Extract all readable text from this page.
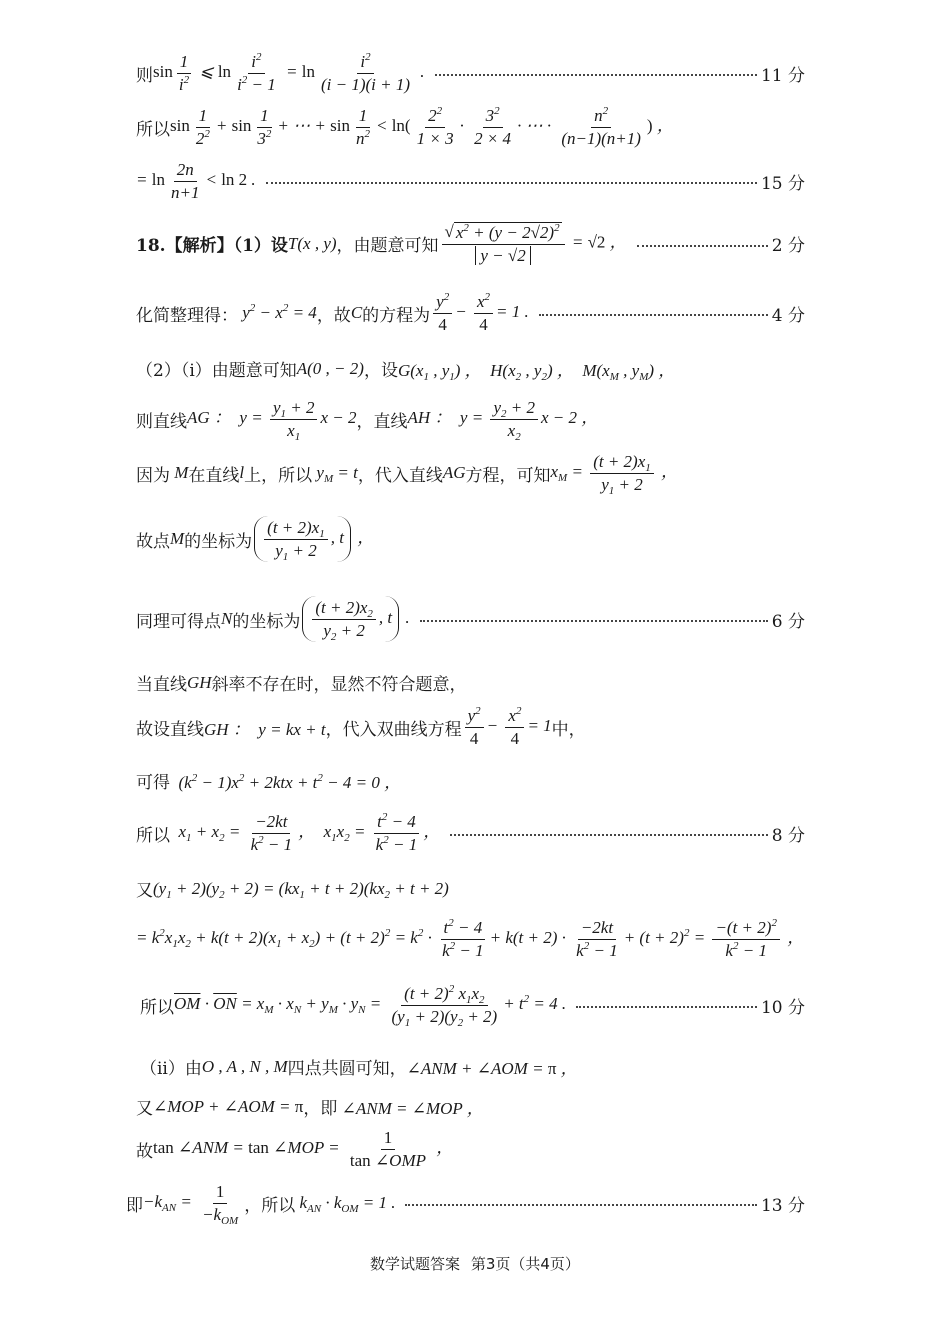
则 $\sin \frac{1}{i^2}$ ⩽ $\ln \frac{i^2}{i^2 - 1} = \ln \frac{i^2}{(i - 1)(i + 1)}$ .	11 分
所以 $\sin \frac{1}{2^2} + \sin \frac{1}{3^2}$ + ⋯ + $\sin \frac{1}{n^2} < \ln( \frac{2^2}{1 \times 3} \cdot \frac{3^2}{2 \times 4}$ · ⋯ · $\frac{n^2}{(n-1)(n+1)}$ ) ，
= $\ln \frac{2n}{n+1} < \ln 2$ .	15 分
18.【解析】（1）设 T(x , y) ，由题意可知 $\frac{√ x^2 + (y - 2√2)^2}{y - √2} = √2$ ，	2 分
化简整理得： $y^2 - x^2 = 4$ ，故 C 的方程为 $\frac{y^2}{4} - \frac{x^2}{4} = 1$ .	4 分
（2）（i）由题意可知 A(0 , − 2) ，设 $G(x_1$ , $y_1$) ，  $H(x_2$ , $y_2$) ，  $M(x_M$ , $y_M$) ，
则直线 AG ：  $y = \frac{y_1 + 2}{x_1}$ x − 2 ，直线 AH ：  $y = \frac{y_2 + 2}{x_2}$ x − 2 ，
因为 M 在直线 l 上，所以 $y_M = t$ ，代入直线 AG 方程，可知 $x_M = \frac{(t + 2)x_1}{y_1 + 2}$ ，
故点 M 的坐标为 $\frac{(t + 2)x_1}{y_1 + 2}$ , t ，
同理可得点 N 的坐标为 $\frac{(t + 2)x_2}{y_2 + 2}$ , t .	6 分
当直线 GH 斜率不存在时，显然不符合题意，
故设直线 GH ：  y = kx + t ，代入双曲线方程 $\frac{y^2}{4} - \frac{x^2}{4} = 1$ 中，
可得 $(k^2 - 1)x^2 + 2ktx + t^2 - 4 = 0$ ，
所以 $x_1 + x_2 = \frac{-2kt}{k^2 - 1}$ ，  $x_1x_2 = \frac{t^2 - 4}{k^2 - 1}$ ，	8 分
又 $(y_1 + 2)(y_2 + 2) = (kx_1 + t + 2)(kx_2 + t + 2)$
= $k^2x_1x_2 + k(t + 2)(x_1 + x_2) + (t + 2)^2 = k^2 \cdot \frac{t^2 - 4}{k^2 - 1} + k(t + 2) \cdot \frac{-2kt}{k^2 - 1} + (t + 2)^2 = \frac{-(t + 2)^2}{k^2 - 1}$ ，
所以 $\overline{OM} \cdot \overline{ON} = x_M \cdot x_N + y_M \cdot y_N = \frac{(t + 2)^2 x_1x_2}{(y_1 + 2)(y_2 + 2)} + t^2 = 4$ .	10 分
（ii）由 O , A , N , M 四点共圆可知， ∠ANM + ∠AOM = π ，
又 ∠MOP + ∠AOM = π ，即 ∠ANM = ∠MOP ，
故 tan ∠ANM = tan ∠MOP = $\frac{1}{\text{tan ∠OMP}}$ ，
即 $-k_{AN} = \frac{1}{-k_{OM}}$ ，所以 $k_{AN} \cdot k_{OM} = 1$ .	13 分
数学试题答案 第3页（共4页）
